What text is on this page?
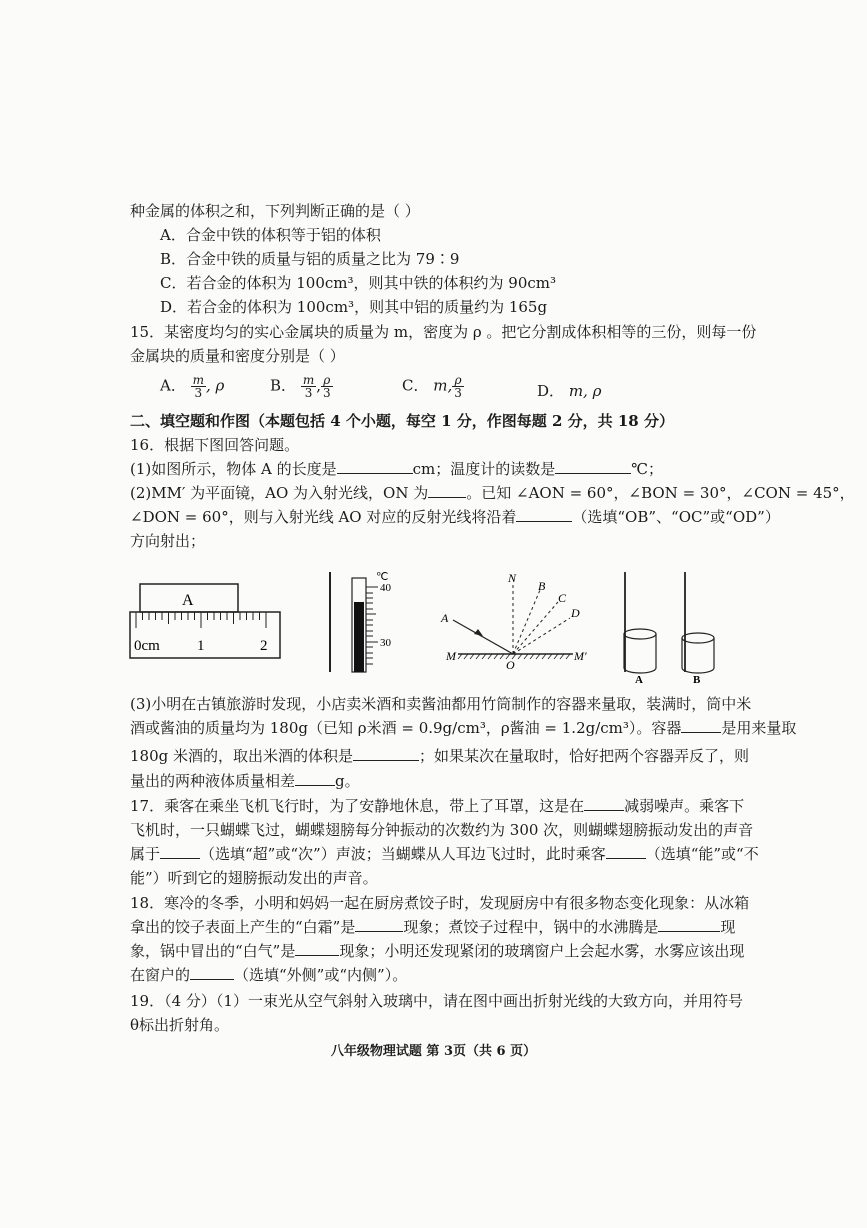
种金属的体积之和，下列判断正确的是（ ）
A．合金中铁的体积等于铝的体积
B．合金中铁的质量与铝的质量之比为 79∶9
C．若合金的体积为 100cm³，则其中铁的体积约为 90cm³
D．若合金的体积为 100cm³，则其中铝的质量约为 165g
15．某密度均匀的实心金属块的质量为 m，密度为 ρ 。把它分割成体积相等的三份，则每一份
金属块的质量和密度分别是（ ）
A． $\frac{m}{3}$ , ρ	B． $\frac{m}{3}$ , $\frac{\rho}{3}$	C． m, $\frac{\rho}{3}$	D． m, ρ
二、填空题和作图（本题包括 4 个小题，每空 1 分，作图每题 2 分，共 18 分）
16．根据下图回答问题。
(1)如图所示，物体 A 的长度是	cm；温度计的读数是	℃；
(2)MM′ 为平面镜，AO 为入射光线，ON 为	。已知 ∠AON = 60°，∠BON = 30°，∠CON = 45°，
∠DON = 60°，则与入射光线 AO 对应的反射光线将沿着	（选填“OB”、“OC”或“OD”）
方向射出；
A
0cm 1	2
℃
40
30
N
A
B
C
D
O
M	M′
A	B
(3)小明在古镇旅游时发现，小店卖米酒和卖酱油都用竹筒制作的容器来量取，装满时，筒中米
酒或酱油的质量均为 180g（已知 ρ米酒 = 0.9g/cm³，ρ酱油 = 1.2g/cm³）。容器	是用来量取
180g 米酒的，取出米酒的体积是	；如果某次在量取时，恰好把两个容器弄反了，则
量出的两种液体质量相差	g。
17．乘客在乘坐飞机飞行时，为了安静地休息，带上了耳罩，这是在	减弱噪声。乘客下
飞机时，一只蝴蝶飞过，蝴蝶翅膀每分钟振动的次数约为 300 次，则蝴蝶翅膀振动发出的声音
属于	（选填“超”或“次”）声波；当蝴蝶从人耳边飞过时，此时乘客	（选填“能”或“不
能”）听到它的翅膀振动发出的声音。
18．寒冷的冬季，小明和妈妈一起在厨房煮饺子时，发现厨房中有很多物态变化现象：从冰箱
拿出的饺子表面上产生的“白霜”是	现象；煮饺子过程中，锅中的水沸腾是	现
象，锅中冒出的“白气”是	现象；小明还发现紧闭的玻璃窗户上会起水雾，水雾应该出现
在窗户的	（选填“外侧”或“内侧”）。
19．（4 分）（1）一束光从空气斜射入玻璃中，请在图中画出折射光线的大致方向，并用符号
θ标出折射角。
八年级物理试题 第 3页（共 6 页）
